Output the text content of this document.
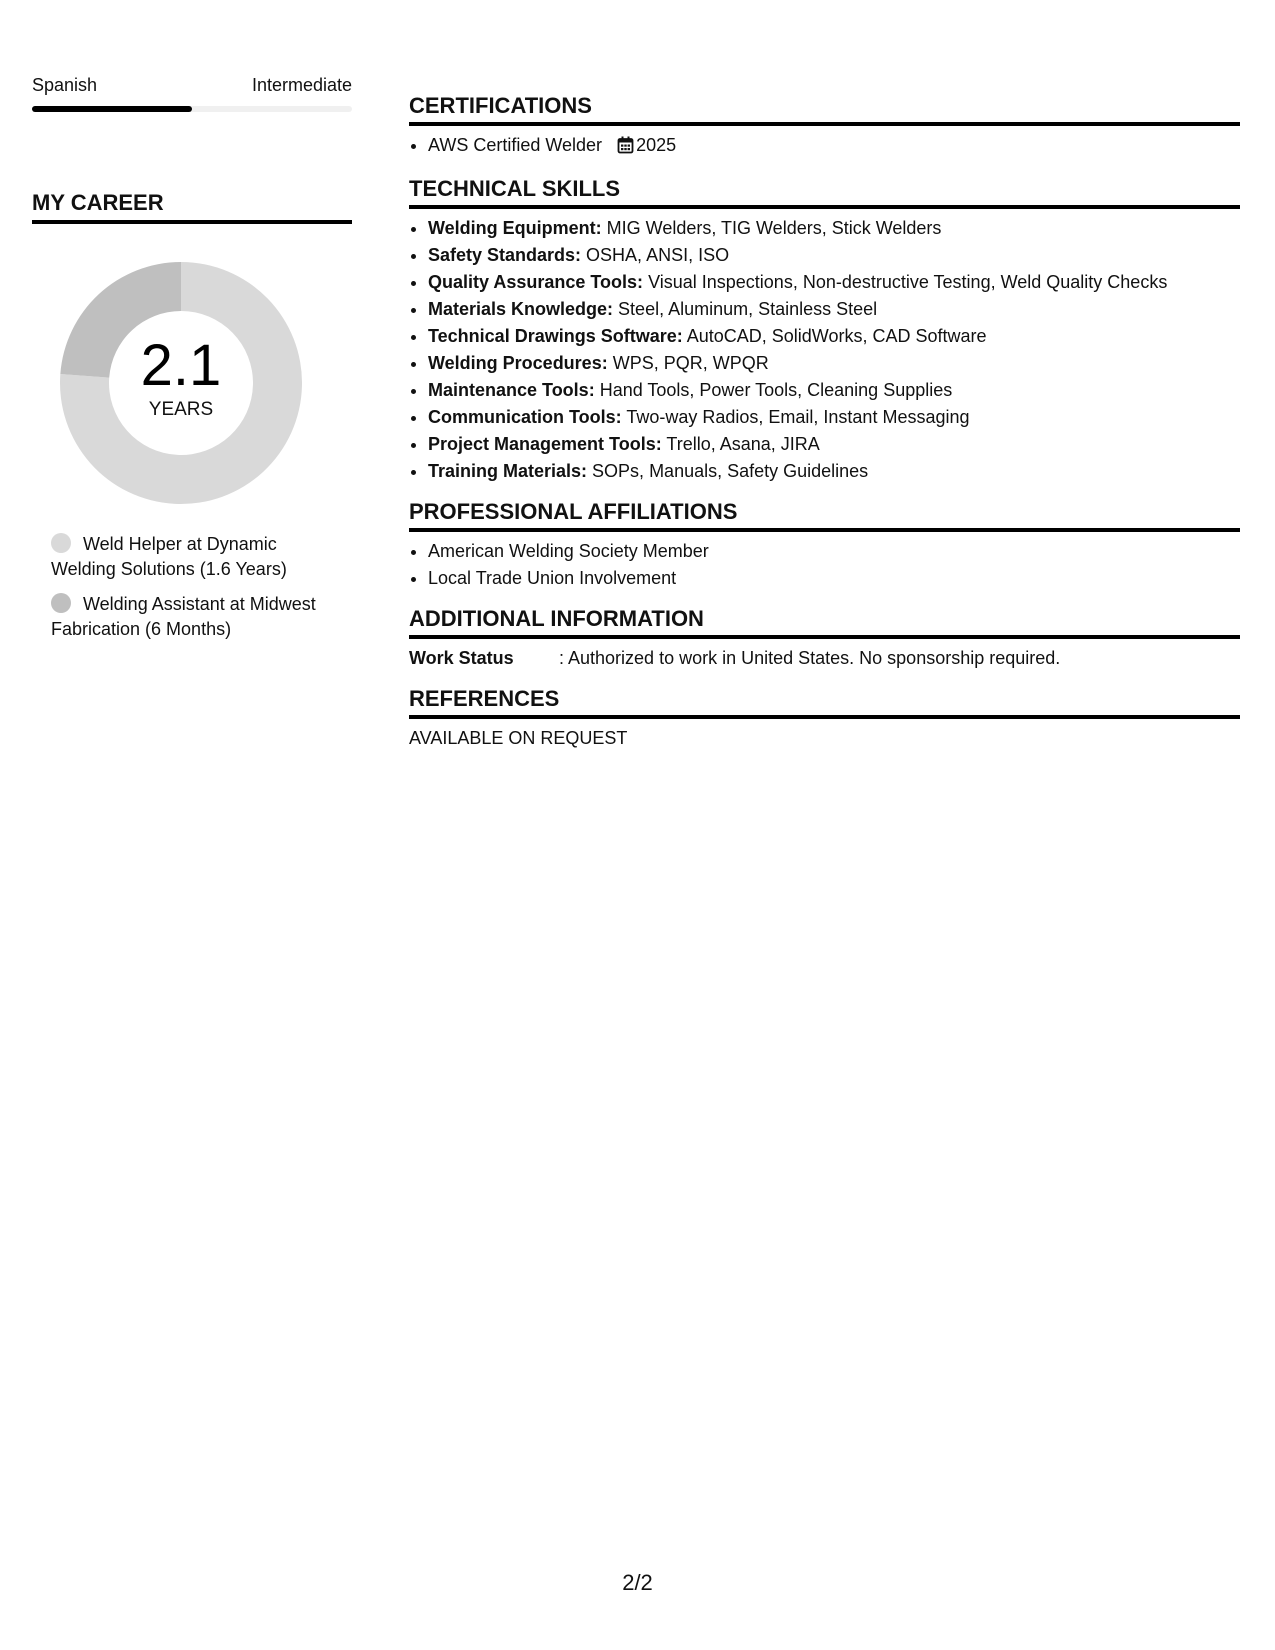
Spanish	Intermediate
MY CAREER
2.1
YEARS
Weld Helper at Dynamic Welding Solutions (1.6 Years)
Welding Assistant at Midwest Fabrication (6 Months)
CERTIFICATIONS
• AWS Certified Welder 2025
TECHNICAL SKILLS
• Welding Equipment: MIG Welders, TIG Welders, Stick Welders
• Safety Standards: OSHA, ANSI, ISO
• Quality Assurance Tools: Visual Inspections, Non-destructive Testing, Weld Quality Checks
• Materials Knowledge: Steel, Aluminum, Stainless Steel
• Technical Drawings Software: AutoCAD, SolidWorks, CAD Software
• Welding Procedures: WPS, PQR, WPQR
• Maintenance Tools: Hand Tools, Power Tools, Cleaning Supplies
• Communication Tools: Two-way Radios, Email, Instant Messaging
• Project Management Tools: Trello, Asana, JIRA
• Training Materials: SOPs, Manuals, Safety Guidelines
PROFESSIONAL AFFILIATIONS
• American Welding Society Member
• Local Trade Union Involvement
ADDITIONAL INFORMATION
Work Status	: Authorized to work in United States. No sponsorship required.
REFERENCES
AVAILABLE ON REQUEST
2/2
